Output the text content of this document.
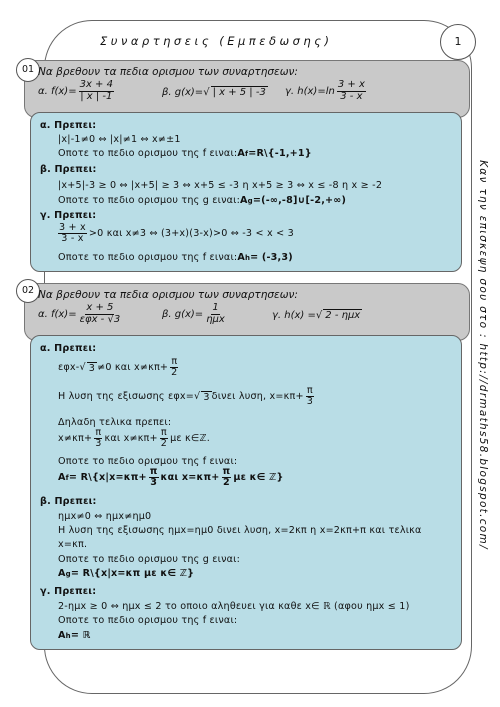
Συναρτησεις (Εμπεδωσης)	1
Καν την επισκεψη σου στο : http://drmaths58.blogspot.com/
01 Να βρεθουν τα πεδια ορισμου των συναρτησεων:
α. $f(x)= \frac{3x + 4}{| x | -1}$	β. g(x)= √ | x + 5 | -3 γ. $h(x)=\ln \frac{3 + x}{3 - x}$
α. Πρεπει:
|x|-1≠0 ⇔ |x|≠1 ⇔ x≠±1
Οποτε το πεδιο ορισμου της f ειναι: A f =R\{-1,+1}
β. Πρεπει:
|x+5|-3 ≥ 0 ⇔ |x+5| ≥ 3 ⇔ x+5 ≤ -3 η x+5 ≥ 3 ⇔ x ≤ -8 η x ≥ -2
Οποτε το πεδιο ορισμου της g ειναι: A g =(-∞,-8]∪[-2,+∞)
γ. Πρεπει:
$\frac{3 + x}{3 - x} >0$ και x≠3 ⇔ (3+x)(3-x)>0 ⇔ -3 < x < 3
Οποτε το πεδιο ορισμου της f ειναι: A h = (-3,3)
02 Να βρεθουν τα πεδια ορισμου των συναρτησεων:
α. $f(x)= \frac{x + 5}{\text{εφx - √3}}$	β. $g(x)= \frac{1}{\text{ημx}}$	γ. h(x) = √ 2 - ημx
α. Πρεπει:
εφx- √ 3 ≠0 και $x\ne\kappa\pi+ \frac{\pi}{2}$
Η λυση της εξισωσης εφx= √ 3 δινει λυση, $x=\kappa\pi+ \frac{\pi}{3}$
Δηλαδη τελικα πρεπει:
$x\ne\kappa\pi+ \frac{\pi}{3}$ και $x\ne\kappa\pi+ \frac{\pi}{2}$ με κ∈ℤ.
Οποτε το πεδιο ορισμου της f ειναι:
A f = R\{x|x=κπ+ $\frac{\pi}{3}$ και $x=\kappa\pi+ \frac{\pi}{2}$ με κ∈ ℤ}
β. Πρεπει:
ημx≠0 ⇔ ημx≠ημ0
Η λυση της εξισωσης ημx=ημ0 δινει λυση, x=2κπ η x=2κπ+π και τελικα
x=κπ.
Οποτε το πεδιο ορισμου της g ειναι:
A g = R\{x|x=κπ με κ∈ ℤ}
γ. Πρεπει:
2-ημx ≥ 0 ⇔ ημx ≤ 2 το οποιο αληθευει για καθε x∈ ℝ (αφου ημx ≤ 1)
Οποτε το πεδιο ορισμου της f ειναι:
A h = ℝ
